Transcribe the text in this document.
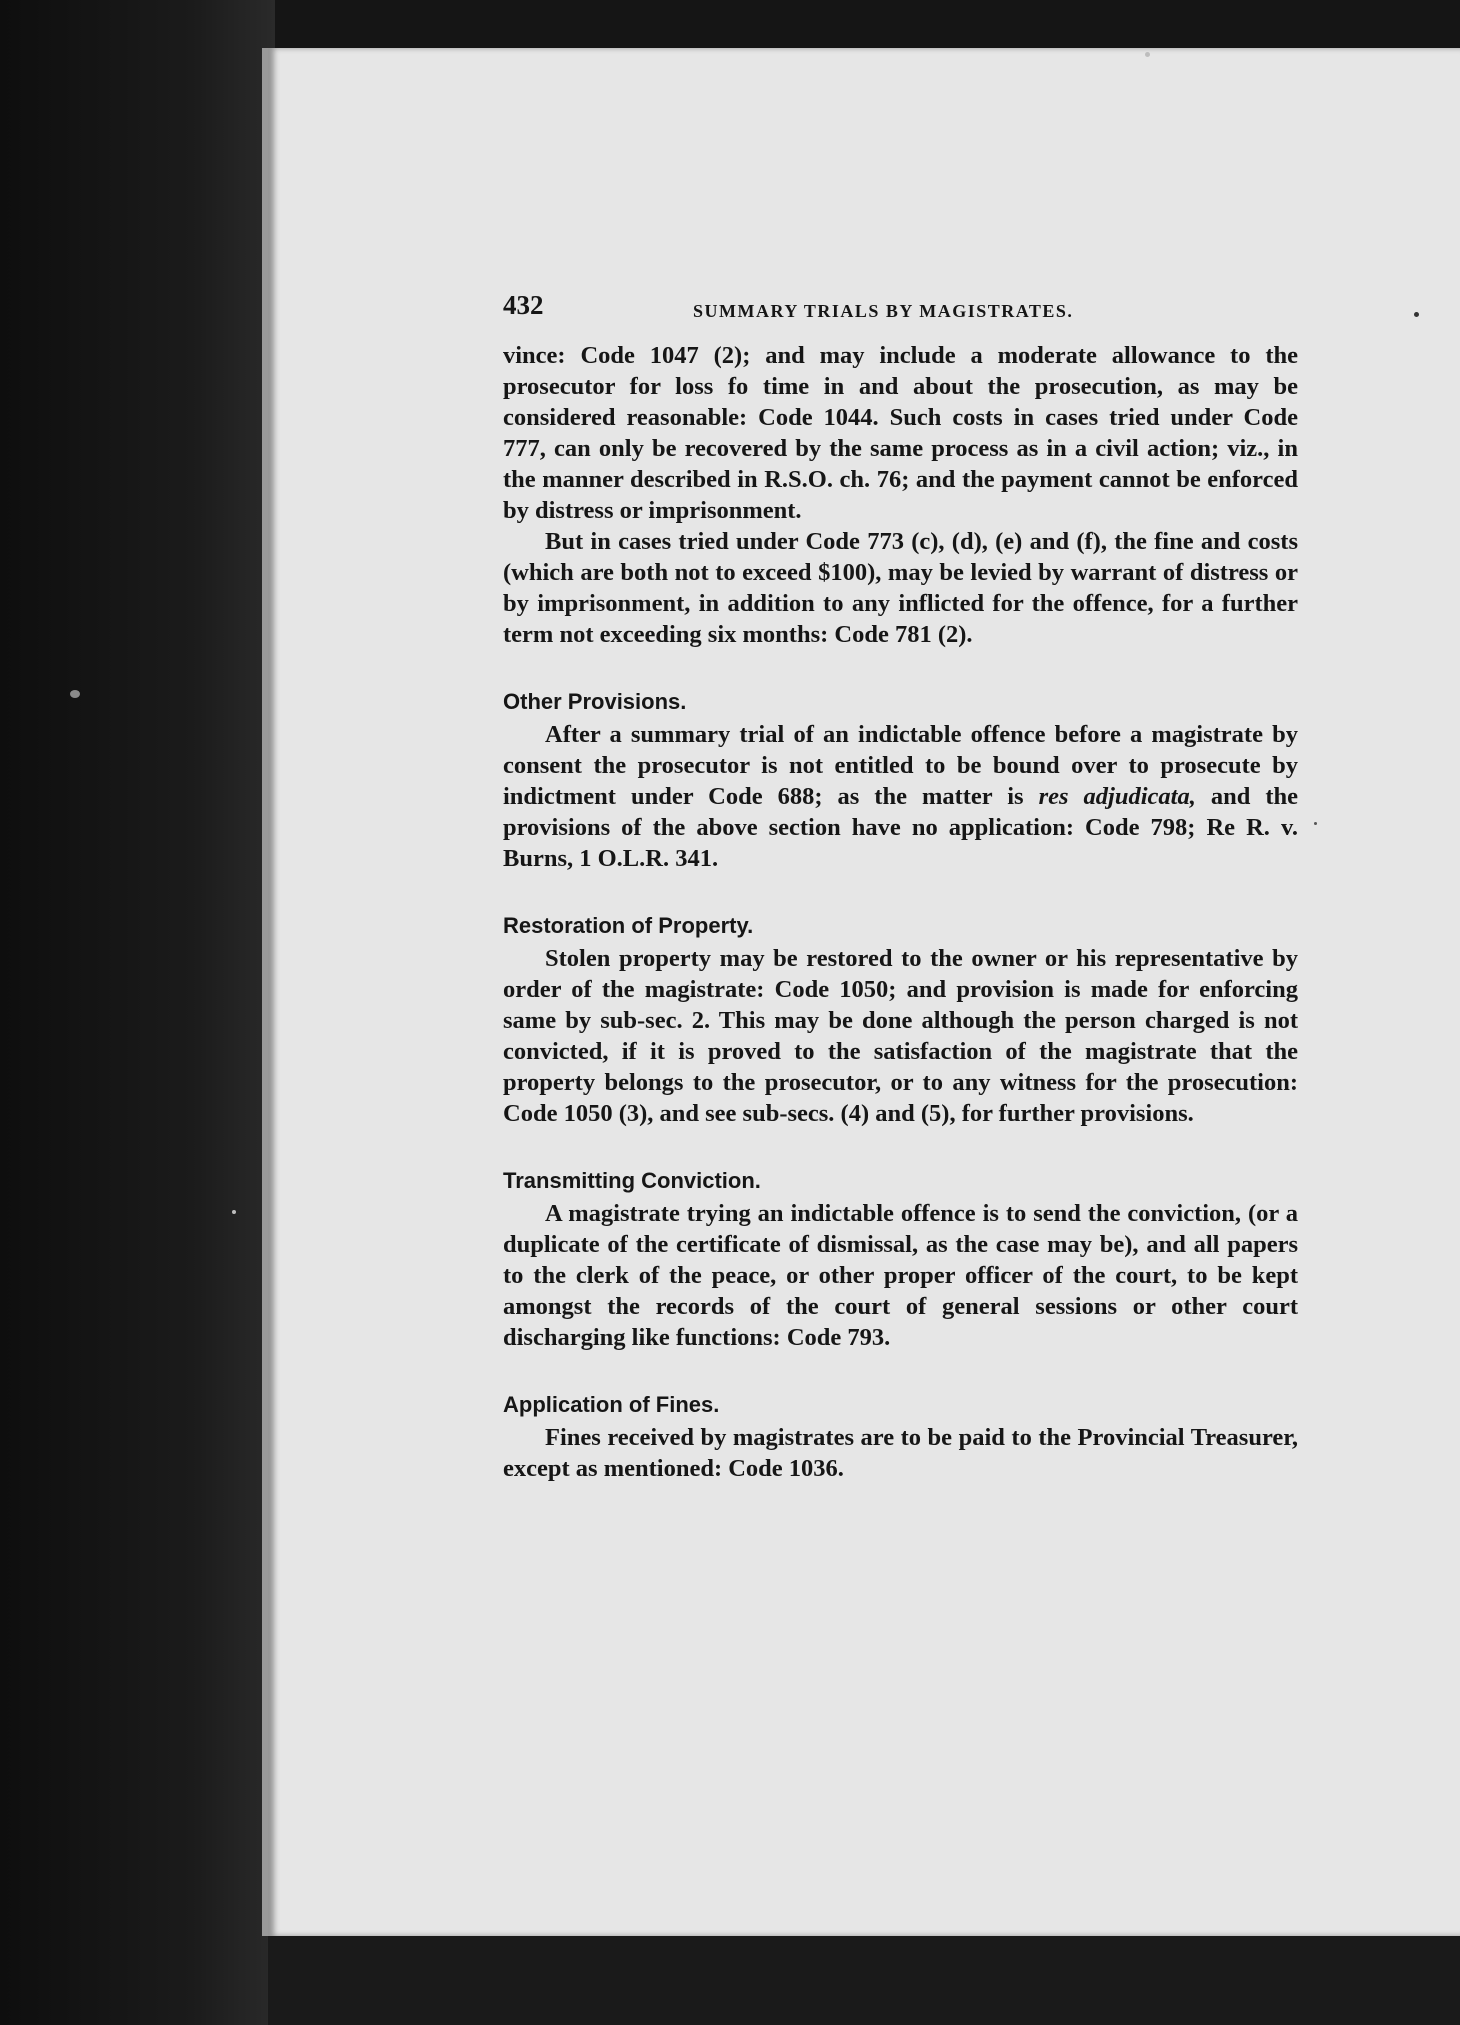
432	SUMMARY TRIALS BY MAGISTRATES.

vince: Code 1047 (2); and may include a moderate allowance to the prosecutor for loss fo time in and about the prosecution, as may be considered reasonable: Code 1044. Such costs in cases tried under Code 777, can only be recovered by the same process as in a civil action; viz., in the manner described in R.S.O. ch. 76; and the payment cannot be enforced by distress or imprisonment.

But in cases tried under Code 773 (c), (d), (e) and (f), the fine and costs (which are both not to exceed $100), may be levied by warrant of distress or by imprisonment, in addition to any inflicted for the offence, for a further term not exceeding six months: Code 781 (2).

Other Provisions.

After a summary trial of an indictable offence before a magistrate by consent the prosecutor is not entitled to be bound over to prosecute by indictment under Code 688; as the matter is res adjudicata, and the provisions of the above section have no application: Code 798; Re R. v. Burns, 1 O.L.R. 341.

Restoration of Property.

Stolen property may be restored to the owner or his representative by order of the magistrate: Code 1050; and provision is made for enforcing same by sub-sec. 2. This may be done although the person charged is not convicted, if it is proved to the satisfaction of the magistrate that the property belongs to the prosecutor, or to any witness for the prosecution: Code 1050 (3), and see sub-secs. (4) and (5), for further provisions.

Transmitting Conviction.

A magistrate trying an indictable offence is to send the conviction, (or a duplicate of the certificate of dismissal, as the case may be), and all papers to the clerk of the peace, or other proper officer of the court, to be kept amongst the records of the court of general sessions or other court discharging like functions: Code 793.

Application of Fines.

Fines received by magistrates are to be paid to the Provincial Treasurer, except as mentioned: Code 1036.
